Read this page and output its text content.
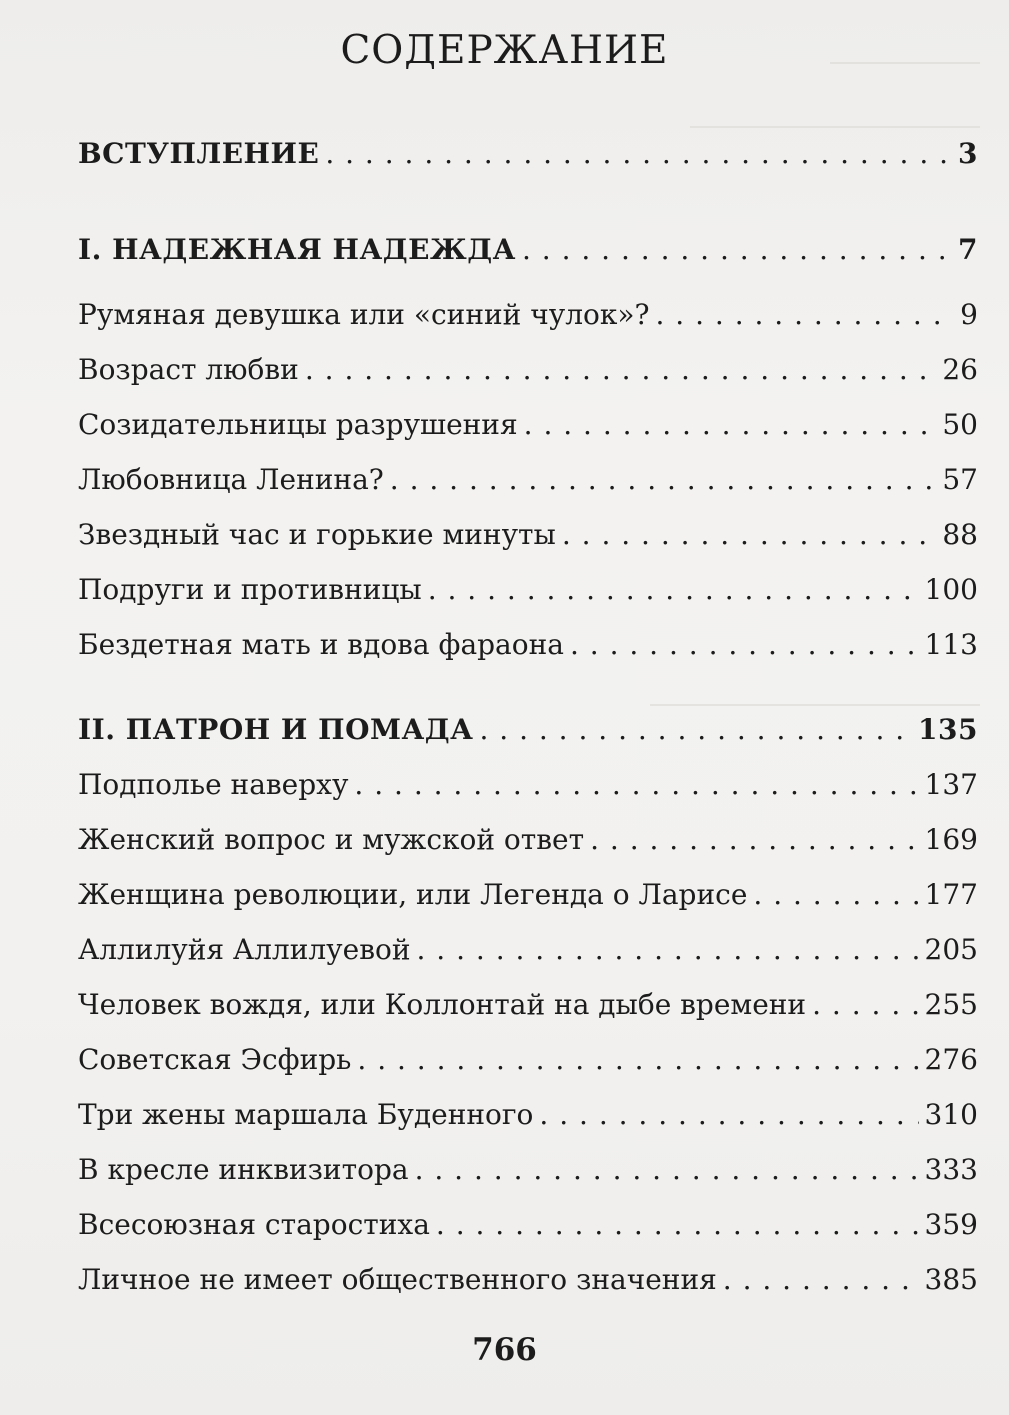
СОДЕРЖАНИЕ
ВСТУПЛЕНИЕ . . .	3
I. НАДЕЖНАЯ НАДЕЖДА . . .	7
Румяная девушка или «синий чулок»? . . .	9
Возраст любви . . .	26
Созидательницы разрушения . . .	50
Любовница Ленина? . . .	57
Звездный час и горькие минуты . . .	88
Подруги и противницы . . .	100
Бездетная мать и вдова фараона . . .	113
II. ПАТРОН И ПОМАДА . . .	135
Подполье наверху . . .	137
Женский вопрос и мужской ответ . . .	169
Женщина революции, или Легенда о Ларисе . . .	177
Аллилуйя Аллилуевой . . .	205
Человек вождя, или Коллонтай на дыбе времени . . .	255
Советская Эсфирь . . .	276
Три жены маршала Буденного . . .	310
В кресле инквизитора . . .	333
Всесоюзная старостиха . . .	359
Личное не имеет общественного значения . . .	385
766
